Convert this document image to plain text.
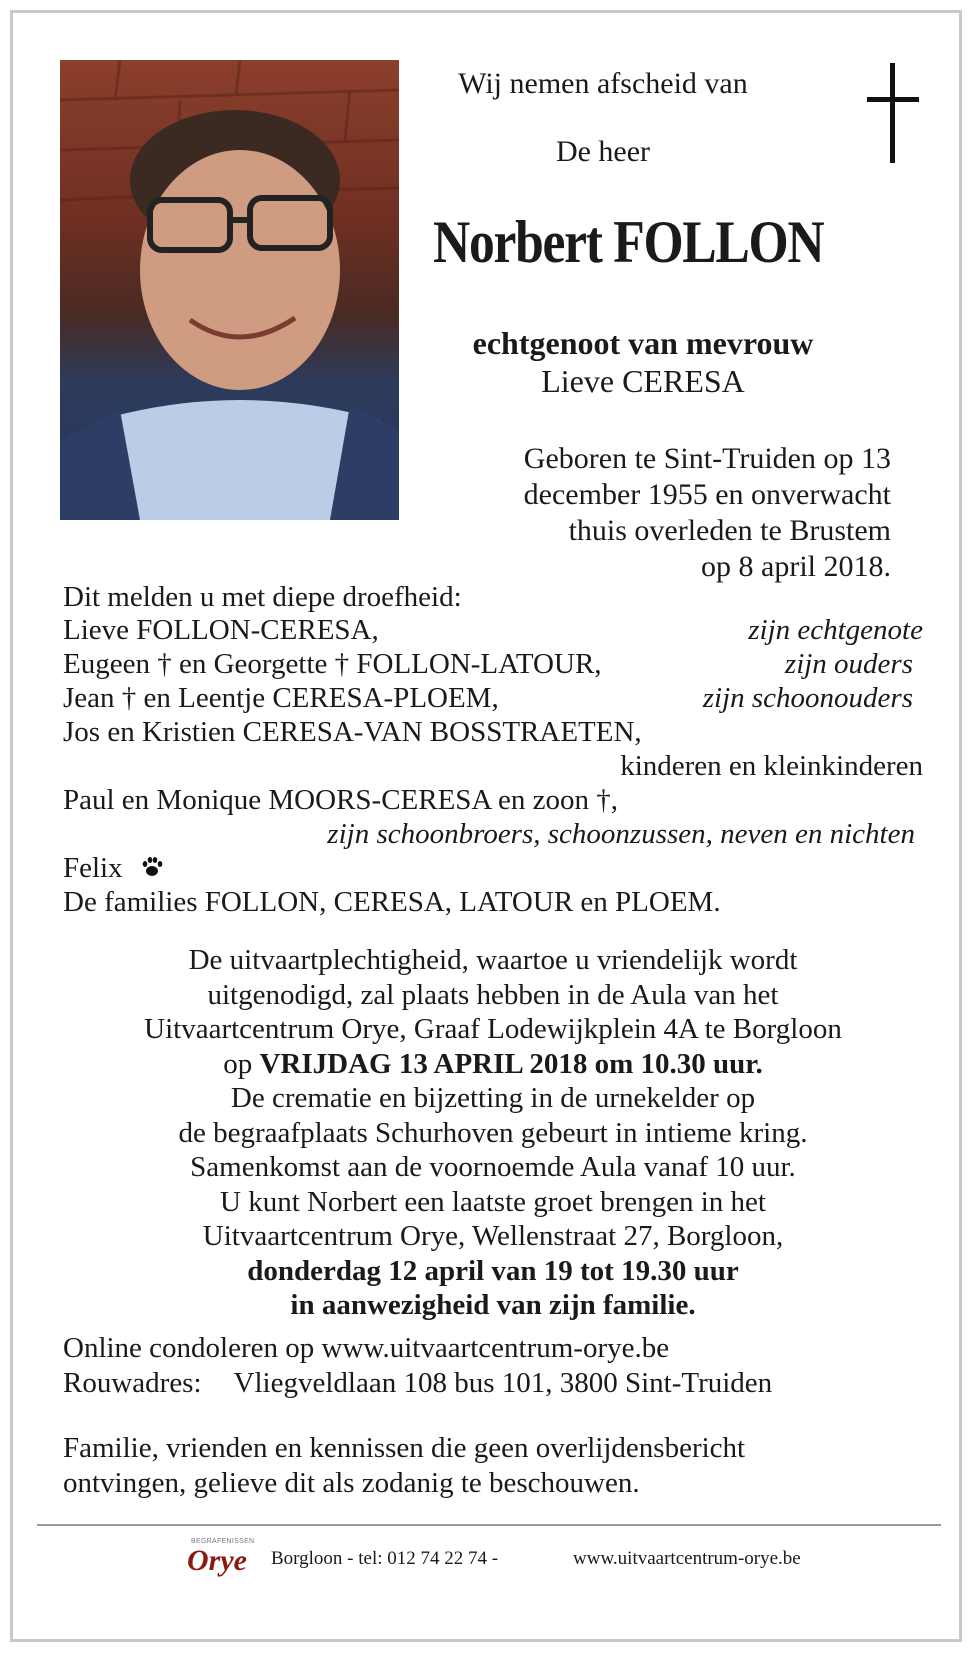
Wij nemen afscheid van
De heer
Norbert FOLLON
echtgenoot van mevrouw
Lieve CERESA
Geboren te Sint-Truiden op 13
december 1955 en onverwacht
thuis overleden te Brustem
op 8 april 2018.
Dit melden u met diepe droefheid:
Lieve FOLLON-CERESA,	zijn echtgenote
Eugeen † en Georgette † FOLLON-LATOUR,	zijn ouders
Jean † en Leentje CERESA-PLOEM,	zijn schoonouders
Jos en Kristien CERESA-VAN BOSSTRAETEN,
kinderen en kleinkinderen
Paul en Monique MOORS-CERESA en zoon †,
zijn schoonbroers, schoonzussen, neven en nichten
Felix
De families FOLLON, CERESA, LATOUR en PLOEM.
De uitvaartplechtigheid, waartoe u vriendelijk wordt
uitgenodigd, zal plaats hebben in de Aula van het
Uitvaartcentrum Orye, Graaf Lodewijkplein 4A te Borgloon
op VRIJDAG 13 APRIL 2018 om 10.30 uur.
De crematie en bijzetting in de urnekelder op
de begraafplaats Schurhoven gebeurt in intieme kring.
Samenkomst aan de voornoemde Aula vanaf 10 uur.
U kunt Norbert een laatste groet brengen in het
Uitvaartcentrum Orye, Wellenstraat 27, Borgloon,
donderdag 12 april van 19 tot 19.30 uur
in aanwezigheid van zijn familie.
Online condoleren op www.uitvaartcentrum-orye.be
Rouwadres: Vliegveldlaan 108 bus 101, 3800 Sint-Truiden
Familie, vrienden en kennissen die geen overlijdensbericht
ontvingen, gelieve dit als zodanig te beschouwen.
BEGRAFENISSEN
Orye Borgloon - tel: 012 74 22 74 -	www.uitvaartcentrum-orye.be
